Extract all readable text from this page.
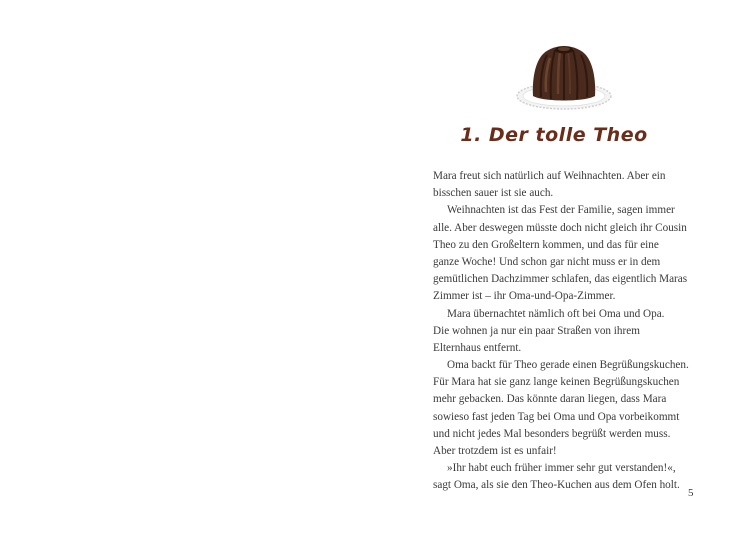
1. Der tolle Theo
Mara freut sich natürlich auf Weihnachten. Aber ein
bisschen sauer ist sie auch.
Weihnachten ist das Fest der Familie, sagen immer
alle. Aber deswegen müsste doch nicht gleich ihr Cousin
Theo zu den Großeltern kommen, und das für eine
ganze Woche! Und schon gar nicht muss er in dem
gemütlichen Dachzimmer schlafen, das eigentlich Maras
Zimmer ist – ihr Oma-und-Opa-Zimmer.
Mara übernachtet nämlich oft bei Oma und Opa.
Die wohnen ja nur ein paar Straßen von ihrem
Elternhaus entfernt.
Oma backt für Theo gerade einen Begrüßungskuchen.
Für Mara hat sie ganz lange keinen Begrüßungskuchen
mehr gebacken. Das könnte daran liegen, dass Mara
sowieso fast jeden Tag bei Oma und Opa vorbeikommt
und nicht jedes Mal besonders begrüßt werden muss.
Aber trotzdem ist es unfair!
»Ihr habt euch früher immer sehr gut verstanden!«,
sagt Oma, als sie den Theo-Kuchen aus dem Ofen holt.
5
